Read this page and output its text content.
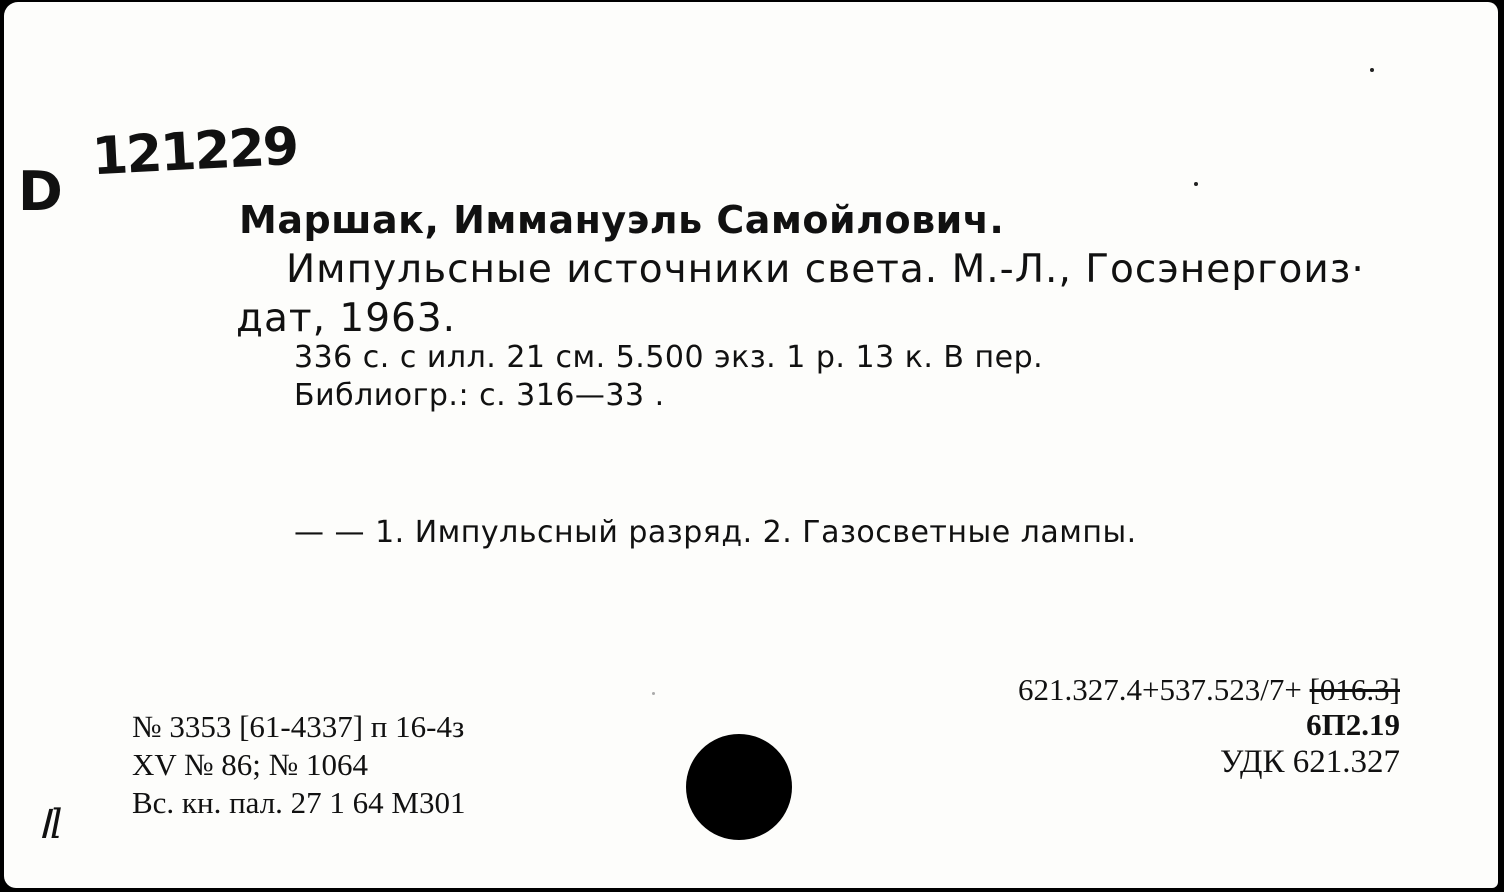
D
121229
Маршак, Иммануэль Самойлович.
Импульсные источники света. М.-Л., Госэнергоиз·
дат, 1963.
336 с. с илл. 21 см. 5.500 экз. 1 р. 13 к. В пер.
Библиогр.: с. 316—33 .
— — 1. Импульсный разряд. 2. Газосветные лампы.
621.327.4+537.523/7+ [016.3]
6П2.19
УДК 621.327
№ 3353 [61-4337] п 16-4з
XV № 86; № 1064
Вс. кн. пал. 27 1 64 М301
ꓲl
